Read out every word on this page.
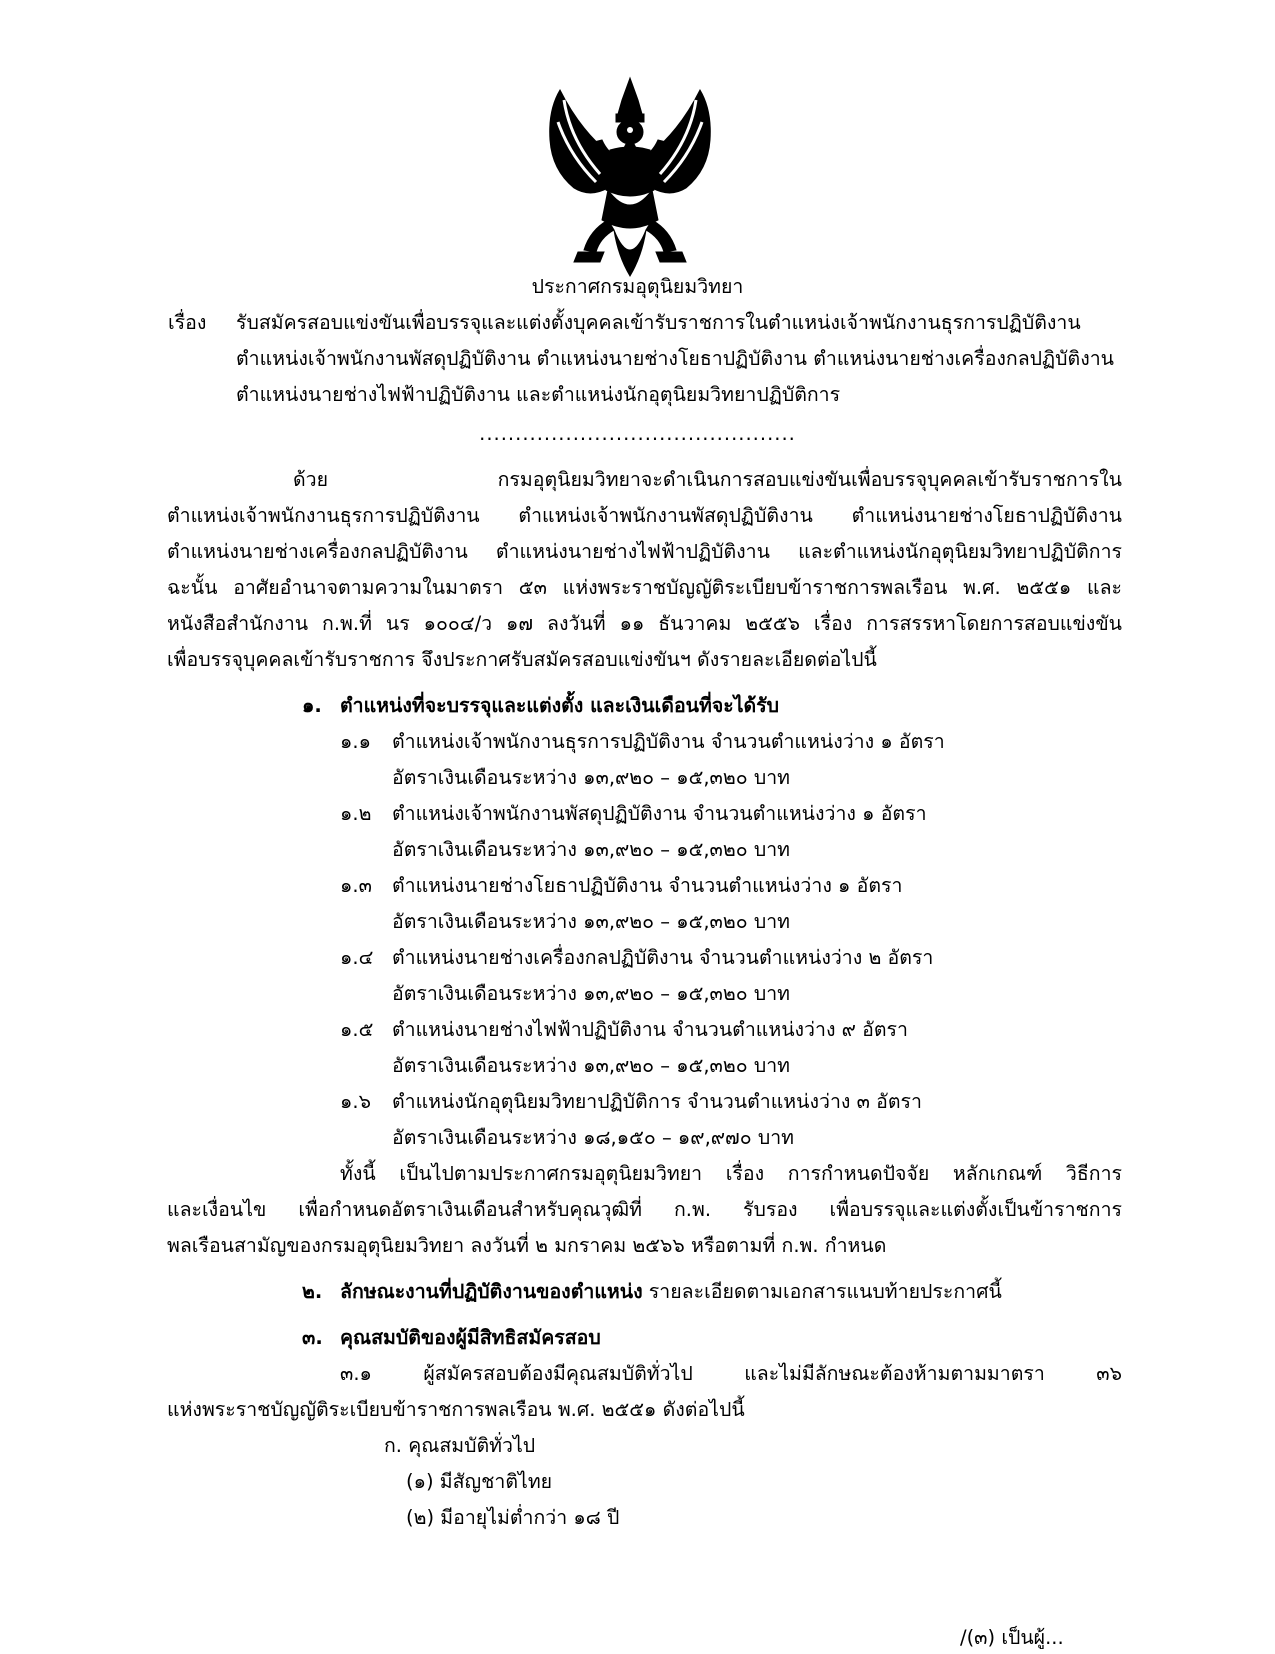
ประกาศกรมอุตุนิยมวิทยา
เรื่อง รับสมัครสอบแข่งขันเพื่อบรรจุและแต่งตั้งบุคคลเข้ารับราชการในตำแหน่งเจ้าพนักงานธุรการปฏิบัติงาน
ตำแหน่งเจ้าพนักงานพัสดุปฏิบัติงาน ตำแหน่งนายช่างโยธาปฏิบัติงาน ตำแหน่งนายช่างเครื่องกลปฏิบัติงาน
ตำแหน่งนายช่างไฟฟ้าปฏิบัติงาน และตำแหน่งนักอุตุนิยมวิทยาปฏิบัติการ
............................................
ด้วย กรมอุตุนิยมวิทยาจะดำเนินการสอบแข่งขันเพื่อบรรจุบุคคลเข้ารับราชการใน
ตำแหน่งเจ้าพนักงานธุรการปฏิบัติงาน ตำแหน่งเจ้าพนักงานพัสดุปฏิบัติงาน ตำแหน่งนายช่างโยธาปฏิบัติงาน
ตำแหน่งนายช่างเครื่องกลปฏิบัติงาน ตำแหน่งนายช่างไฟฟ้าปฏิบัติงาน และตำแหน่งนักอุตุนิยมวิทยาปฏิบัติการ
ฉะนั้น อาศัยอำนาจตามความในมาตรา ๕๓ แห่งพระราชบัญญัติระเบียบข้าราชการพลเรือน พ.ศ. ๒๕๕๑ และ
หนังสือสำนักงาน ก.พ.ที่ นร ๑๐๐๔/ว ๑๗ ลงวันที่ ๑๑ ธันวาคม ๒๕๕๖ เรื่อง การสรรหาโดยการสอบแข่งขัน
เพื่อบรรจุบุคคลเข้ารับราชการ จึงประกาศรับสมัครสอบแข่งขันฯ ดังรายละเอียดต่อไปนี้
๑. ตำแหน่งที่จะบรรจุและแต่งตั้ง และเงินเดือนที่จะได้รับ
๑.๑ ตำแหน่งเจ้าพนักงานธุรการปฏิบัติงาน จำนวนตำแหน่งว่าง ๑ อัตรา
อัตราเงินเดือนระหว่าง ๑๓,๙๒๐ – ๑๕,๓๒๐ บาท
๑.๒ ตำแหน่งเจ้าพนักงานพัสดุปฏิบัติงาน จำนวนตำแหน่งว่าง ๑ อัตรา
อัตราเงินเดือนระหว่าง ๑๓,๙๒๐ – ๑๕,๓๒๐ บาท
๑.๓ ตำแหน่งนายช่างโยธาปฏิบัติงาน จำนวนตำแหน่งว่าง ๑ อัตรา
อัตราเงินเดือนระหว่าง ๑๓,๙๒๐ – ๑๕,๓๒๐ บาท
๑.๔ ตำแหน่งนายช่างเครื่องกลปฏิบัติงาน จำนวนตำแหน่งว่าง ๒ อัตรา
อัตราเงินเดือนระหว่าง ๑๓,๙๒๐ – ๑๕,๓๒๐ บาท
๑.๕ ตำแหน่งนายช่างไฟฟ้าปฏิบัติงาน จำนวนตำแหน่งว่าง ๙ อัตรา
อัตราเงินเดือนระหว่าง ๑๓,๙๒๐ – ๑๕,๓๒๐ บาท
๑.๖ ตำแหน่งนักอุตุนิยมวิทยาปฏิบัติการ จำนวนตำแหน่งว่าง ๓ อัตรา
อัตราเงินเดือนระหว่าง ๑๘,๑๕๐ – ๑๙,๙๗๐ บาท
ทั้งนี้ เป็นไปตามประกาศกรมอุตุนิยมวิทยา เรื่อง การกำหนดปัจจัย หลักเกณฑ์ วิธีการ
และเงื่อนไข เพื่อกำหนดอัตราเงินเดือนสำหรับคุณวุฒิที่ ก.พ. รับรอง เพื่อบรรจุและแต่งตั้งเป็นข้าราชการ
พลเรือนสามัญของกรมอุตุนิยมวิทยา ลงวันที่ ๒ มกราคม ๒๕๖๖ หรือตามที่ ก.พ. กำหนด
๒. ลักษณะงานที่ปฏิบัติงานของตำแหน่ง รายละเอียดตามเอกสารแนบท้ายประกาศนี้
๓. คุณสมบัติของผู้มีสิทธิสมัครสอบ
๓.๑ ผู้สมัครสอบต้องมีคุณสมบัติทั่วไป และไม่มีลักษณะต้องห้ามตามมาตรา ๓๖
แห่งพระราชบัญญัติระเบียบข้าราชการพลเรือน พ.ศ. ๒๕๕๑ ดังต่อไปนี้
ก. คุณสมบัติทั่วไป
(๑) มีสัญชาติไทย
(๒) มีอายุไม่ต่ำกว่า ๑๘ ปี
/(๓) เป็นผู้...
